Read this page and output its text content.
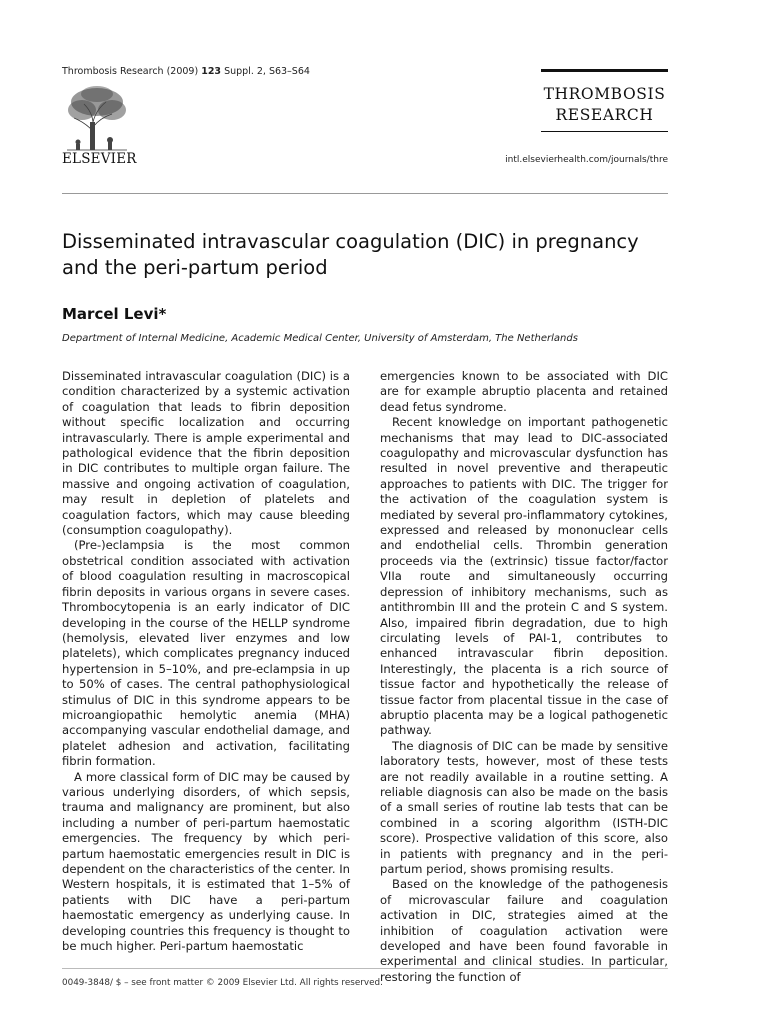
Thrombosis Research (2009) 123 Suppl. 2, S63–S64
ELSEVIER
THROMBOSIS
RESEARCH
intl.elsevierhealth.com/journals/thre
Disseminated intravascular coagulation (DIC) in pregnancy and the peri-partum period
Marcel Levi*
Department of Internal Medicine, Academic Medical Center, University of Amsterdam, The Netherlands

Disseminated intravascular coagulation (DIC) is a condition characterized by a systemic activation of coagulation that leads to fibrin deposition without specific localization and occurring intravascularly. There is ample experimental and pathological evidence that the fibrin deposition in DIC contributes to multiple organ failure. The massive and ongoing activation of coagulation, may result in depletion of platelets and coagulation factors, which may cause bleeding (consumption coagulopathy).

(Pre-)eclampsia is the most common obstetrical condition associated with activation of blood coagulation resulting in macroscopical fibrin deposits in various organs in severe cases. Thrombocytopenia is an early indicator of DIC developing in the course of the HELLP syndrome (hemolysis, elevated liver enzymes and low platelets), which complicates pregnancy induced hypertension in 5–10%, and pre-eclampsia in up to 50% of cases. The central pathophysiological stimulus of DIC in this syndrome appears to be microangiopathic hemolytic anemia (MHA) accompanying vascular endothelial damage, and platelet adhesion and activation, facilitating fibrin formation.

A more classical form of DIC may be caused by various underlying disorders, of which sepsis, trauma and malignancy are prominent, but also including a number of peri-partum haemostatic emergencies. The frequency by which peri-partum haemostatic emergencies result in DIC is dependent on the characteristics of the center. In Western hospitals, it is estimated that 1–5% of patients with DIC have a peri-partum haemostatic emergency as underlying cause. In developing countries this frequency is thought to be much higher. Peri-partum haemostatic

emergencies known to be associated with DIC are for example abruptio placenta and retained dead fetus syndrome.

Recent knowledge on important pathogenetic mechanisms that may lead to DIC-associated coagulopathy and microvascular dysfunction has resulted in novel preventive and therapeutic approaches to patients with DIC. The trigger for the activation of the coagulation system is mediated by several pro-inflammatory cytokines, expressed and released by mononuclear cells and endothelial cells. Thrombin generation proceeds via the (extrinsic) tissue factor/factor VIIa route and simultaneously occurring depression of inhibitory mechanisms, such as antithrombin III and the protein C and S system. Also, impaired fibrin degradation, due to high circulating levels of PAI-1, contributes to enhanced intravascular fibrin deposition. Interestingly, the placenta is a rich source of tissue factor and hypothetically the release of tissue factor from placental tissue in the case of abruptio placenta may be a logical pathogenetic pathway.

The diagnosis of DIC can be made by sensitive laboratory tests, however, most of these tests are not readily available in a routine setting. A reliable diagnosis can also be made on the basis of a small series of routine lab tests that can be combined in a scoring algorithm (ISTH-DIC score). Prospective validation of this score, also in patients with pregnancy and in the peri-partum period, shows promising results.

Based on the knowledge of the pathogenesis of microvascular failure and coagulation activation in DIC, strategies aimed at the inhibition of coagulation activation were developed and have been found favorable in experimental and clinical studies. In particular, restoring the function of

0049-3848/ $ – see front matter © 2009 Elsevier Ltd. All rights reserved.
